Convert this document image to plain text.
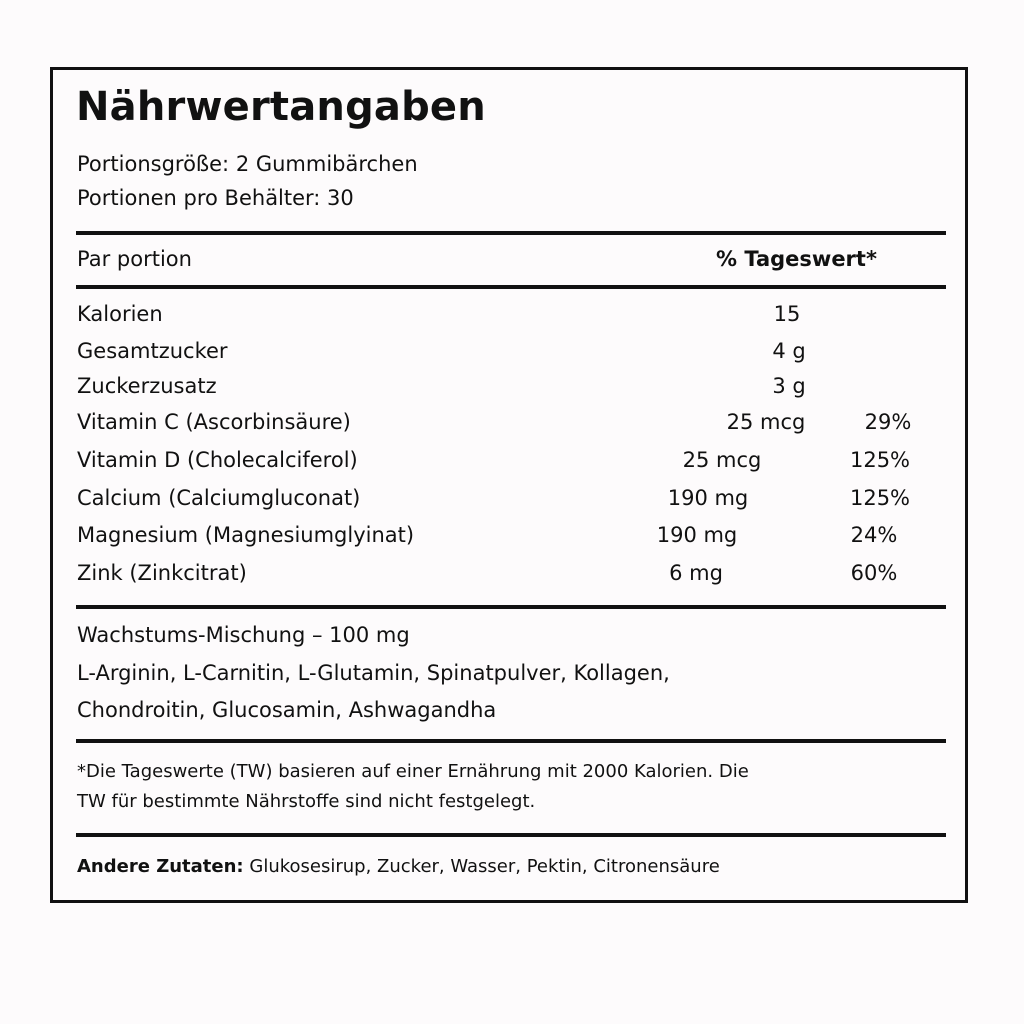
Nährwertangaben
Portionsgröße: 2 Gummibärchen
Portionen pro Behälter: 30
Par portion	% Tageswert*
Kalorien	15
Gesamtzucker	4 g
Zuckerzusatz	3 g
Vitamin C (Ascorbinsäure)	25 mcg	29%
Vitamin D (Cholecalciferol)	25 mcg	125%
Calcium (Calciumgluconat)	190 mg	125%
Magnesium (Magnesiumglyinat)	190 mg	24%
Zink (Zinkcitrat)	6 mg	60%
Wachstums-Mischung – 100 mg
L-Arginin, L-Carnitin, L-Glutamin, Spinatpulver, Kollagen,
Chondroitin, Glucosamin, Ashwagandha
*Die Tageswerte (TW) basieren auf einer Ernährung mit 2000 Kalorien. Die
TW für bestimmte Nährstoffe sind nicht festgelegt.
Andere Zutaten: Glukosesirup, Zucker, Wasser, Pektin, Citronensäure
